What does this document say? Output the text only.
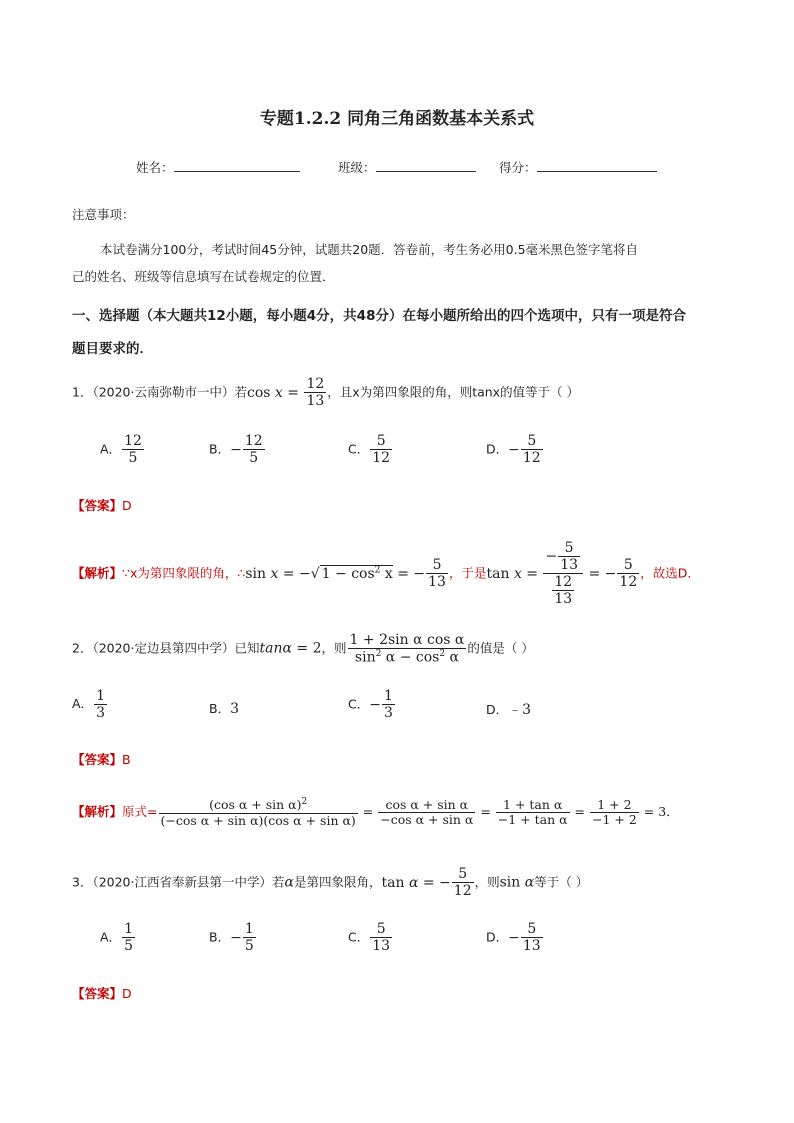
专题1.2.2 同角三角函数基本关系式
姓名：	班级：	得分：
注意事项：
本试卷满分100分，考试时间45分钟，试题共20题．答卷前，考生务必用0.5毫米黑色签字笔将自
己的姓名、班级等信息填写在试卷规定的位置．
一、选择题（本大题共12小题，每小题4分，共48分）在每小题所给出的四个选项中，只有一项是符合
题目要求的．
1．（2020·云南弥勒市一中）若$\cos x = \frac{12}{13}$ ，且x为第四象限的角，则tanx的值等于（ ）
A． $\frac{12}{5}$	B．− $\frac{12}{5}$	C． $\frac{5}{12}$	D．− $\frac{5}{12}$
【答案】D
【解析】∵x为第四象限的角，∴sin x = −√ $1 - \cos^2 x$ = − $\frac{5}{13}$ ，于是$\tan x = \frac{- \frac{5}{13}}{\frac{12}{13}}$ = − $\frac{5}{12}$ ，故选D．
2．（2020·定边县第四中学）已知tanα = 2，则 $\frac{\text{1 + 2sin α cos α}}{\sin^2 \alpha - \cos^2 \alpha}$ 的值是（ ）
A． $\frac{1}{3}$	B．3	C．− $\frac{1}{3}$	D．﹣3
【答案】B
【解析】原式= $\frac{(\cos \alpha + \sin \alpha)^2}{\text{(−cos α + sin α)(cos α + sin α)}} = \frac{\text{cos α + sin α}}{\text{−cos α + sin α}} = \frac{\text{1 + tan α}}{\text{−1 + tan α}} = \frac{1 + 2}{-1 + 2} = 3$．
3．（2020·江西省奉新县第一中学）若α是第四象限角，tan α = − $\frac{5}{12}$ ，则sin α等于（ ）
A． $\frac{1}{5}$	B．− $\frac{1}{5}$	C． $\frac{5}{13}$	D．− $\frac{5}{13}$
【答案】D
